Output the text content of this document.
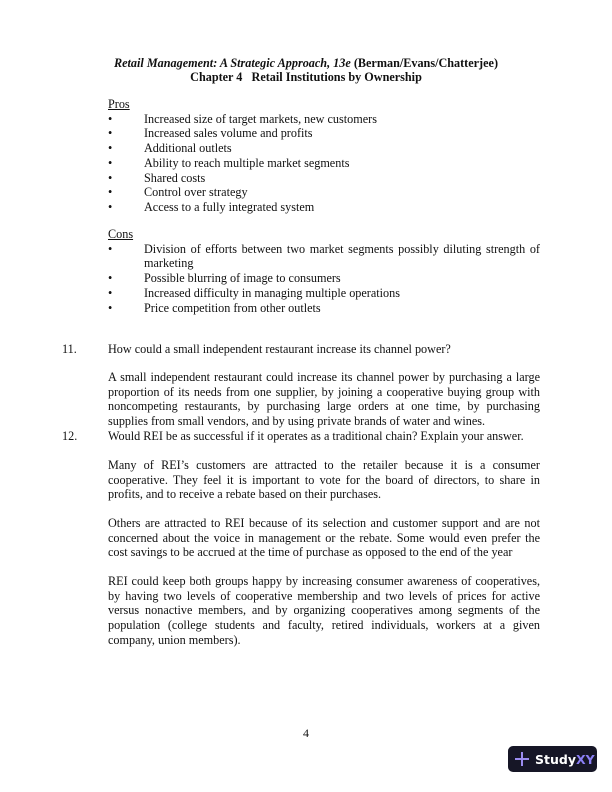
Retail Management: A Strategic Approach, 13e (Berman/Evans/Chatterjee)
Chapter 4   Retail Institutions by Ownership
Pros
•	Increased size of target markets, new customers
•	Increased sales volume and profits
•	Additional outlets
•	Ability to reach multiple market segments
•	Shared costs
•	Control over strategy
•	Access to a fully integrated system
Cons
•	Division of efforts between two market segments possibly diluting strength of marketing
•	Possible blurring of image to consumers
•	Increased difficulty in managing multiple operations
•	Price competition from other outlets
11.	How could a small independent restaurant increase its channel power?
A small independent restaurant could increase its channel power by purchasing a large proportion of its needs from one supplier, by joining a cooperative buying group with noncompeting restaurants, by purchasing large orders at one time, by purchasing supplies from small vendors, and by using private brands of water and wines.
12.	Would REI be as successful if it operates as a traditional chain? Explain your answer.
Many of REI’s customers are attracted to the retailer because it is a consumer cooperative. They feel it is important to vote for the board of directors, to share in profits, and to receive a rebate based on their purchases.
Others are attracted to REI because of its selection and customer support and are not concerned about the voice in management or the rebate. Some would even prefer the cost savings to be accrued at the time of purchase as opposed to the end of the year
REI could keep both groups happy by increasing consumer awareness of cooperatives, by having two levels of cooperative membership and two levels of prices for active versus nonactive members, and by organizing cooperatives among segments of the population (college students and faculty, retired individuals, workers at a given company, union members).
4
Study XY
